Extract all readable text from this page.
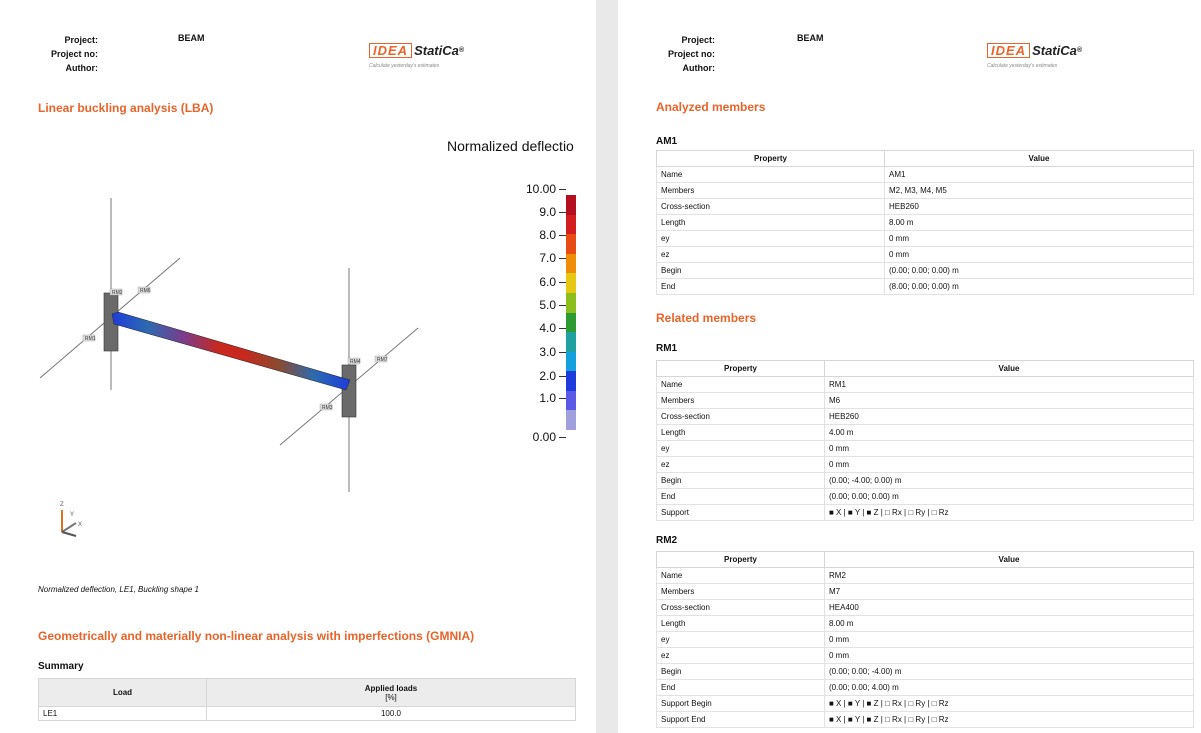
Project:	BEAM
Project no:
Author:
IDEA StatiCa®
Calculate yesterday's estimates
Linear buckling analysis (LBA)
Normalized deflectio
10.00
9.0
8.0
7.0
6.0
5.0
4.0
3.0
2.0
1.0
0.00
RM2	RM6
RM1
RM4	RM7
RM3
Z
Y
X
Normalized deflection, LE1, Buckling shape 1
Geometrically and materially non-linear analysis with imperfections (GMNIA)
Summary
Load	Applied loads
[%]

LE1	100.0
Project:
Project no:
Author:
BEAM
IDEA StatiCa®
Calculate yesterday's estimates
Analyzed members
AM1
Property	Value
Name	AM1
Members	M2, M3, M4, M5
Cross-section	HEB260
Length	8.00 m
ey	0 mm
ez	0 mm
Begin	(0.00; 0.00; 0.00) m
End	(8.00; 0.00; 0.00) m
Related members
RM1
Property	Value
Name	RM1
Members	M6
Cross-section	HEB260
Length	4.00 m
ey	0 mm
ez	0 mm
Begin	(0.00; -4.00; 0.00) m
End	(0.00; 0.00; 0.00) m
Support	■ X | ■ Y | ■ Z | □ Rx | □ Ry | □ Rz
RM2
Property	Value
Name	RM2
Members	M7
Cross-section	HEA400
Length	8.00 m
ey	0 mm
ez	0 mm
Begin	(0.00; 0.00; -4.00) m
End	(0.00; 0.00; 4.00) m
Support Begin	■ X | ■ Y | ■ Z | □ Rx | □ Ry | □ Rz
Support End	■ X | ■ Y | ■ Z | □ Rx | □ Ry | □ Rz
